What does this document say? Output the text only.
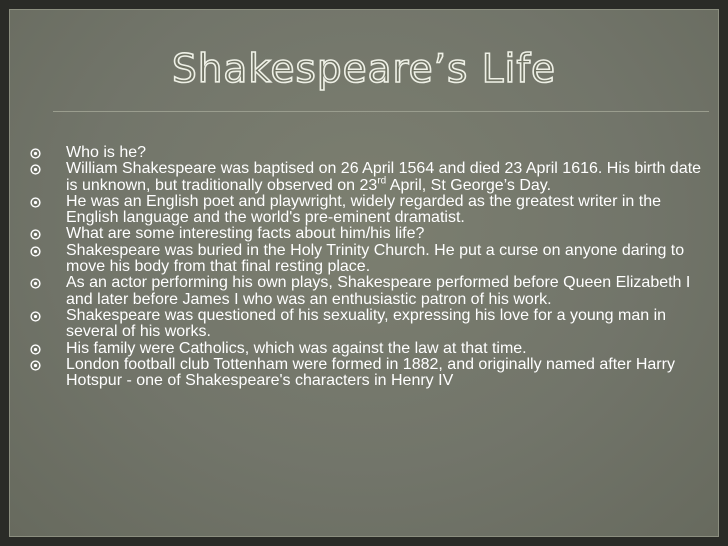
Shakespeare’s Life
Who is he?
William Shakespeare was baptised on 26 April 1564 and died 23 April 1616. His birth date is unknown, but traditionally observed on 23rd April, St George’s Day.
He was an English poet and playwright, widely regarded as the greatest writer in the English language and the world's pre-eminent dramatist.
What are some interesting facts about him/his life?
Shakespeare was buried in the Holy Trinity Church. He put a curse on anyone daring to move his body from that final resting place.
As an actor performing his own plays, Shakespeare performed before Queen Elizabeth I and later before James I who was an enthusiastic patron of his work.
Shakespeare was questioned of his sexuality, expressing his love for a young man in several of his works.
His family were Catholics, which was against the law at that time.
London football club Tottenham were formed in 1882, and originally named after Harry Hotspur - one of Shakespeare's characters in Henry IV
